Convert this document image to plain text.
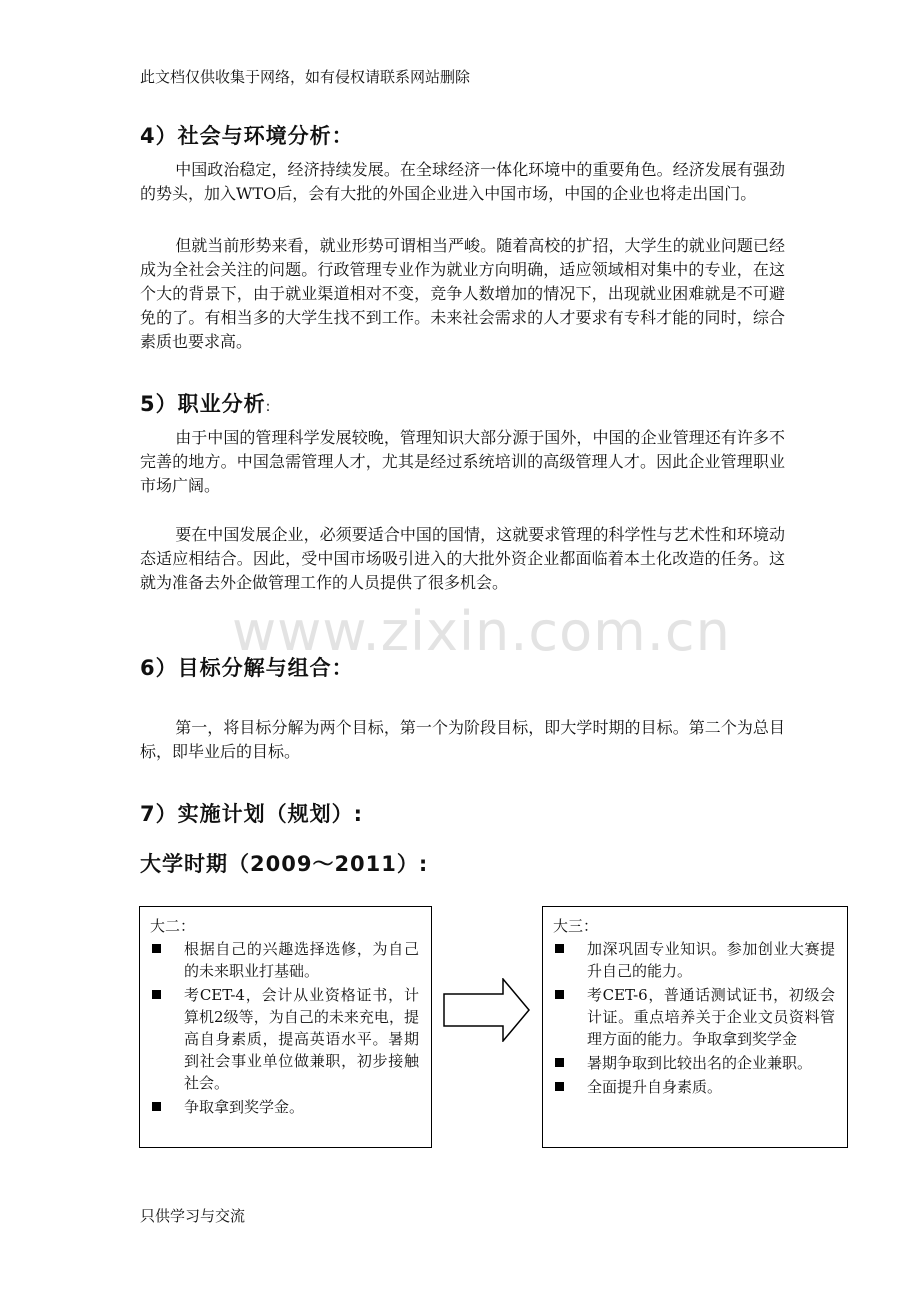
此文档仅供收集于网络，如有侵权请联系网站删除
4）社会与环境分析：
中国政治稳定，经济持续发展。在全球经济一体化环境中的重要角色。经济发展有强劲的势头，加入WTO后，会有大批的外国企业进入中国市场，中国的企业也将走出国门。
但就当前形势来看，就业形势可谓相当严峻。随着高校的扩招，大学生的就业问题已经成为全社会关注的问题。行政管理专业作为就业方向明确，适应领域相对集中的专业，在这个大的背景下，由于就业渠道相对不变，竞争人数增加的情况下，出现就业困难就是不可避免的了。有相当多的大学生找不到工作。未来社会需求的人才要求有专科才能的同时，综合素质也要求高。
5）职业分析:
由于中国的管理科学发展较晚，管理知识大部分源于国外，中国的企业管理还有许多不完善的地方。中国急需管理人才，尤其是经过系统培训的高级管理人才。因此企业管理职业市场广阔。
要在中国发展企业，必须要适合中国的国情，这就要求管理的科学性与艺术性和环境动态适应相结合。因此，受中国市场吸引进入的大批外资企业都面临着本土化改造的任务。这就为准备去外企做管理工作的人员提供了很多机会。
www.zixin.com.cn
6）目标分解与组合：
第一，将目标分解为两个目标，第一个为阶段目标，即大学时期的目标。第二个为总目标，即毕业后的目标。
7）实施计划（规划）:
大学时期（2009～2011）:
大二：
根据自己的兴趣选择选修，为自己的未来职业打基础。
考CET-4，会计从业资格证书，计算机2级等，为自己的未来充电，提高自身素质，提高英语水平。暑期到社会事业单位做兼职，初步接触社会。
争取拿到奖学金。
大三：
加深巩固专业知识。参加创业大赛提升自己的能力。
考CET-6，普通话测试证书，初级会计证。重点培养关于企业文员资料管理方面的能力。争取拿到奖学金
暑期争取到比较出名的企业兼职。
全面提升自身素质。
只供学习与交流
